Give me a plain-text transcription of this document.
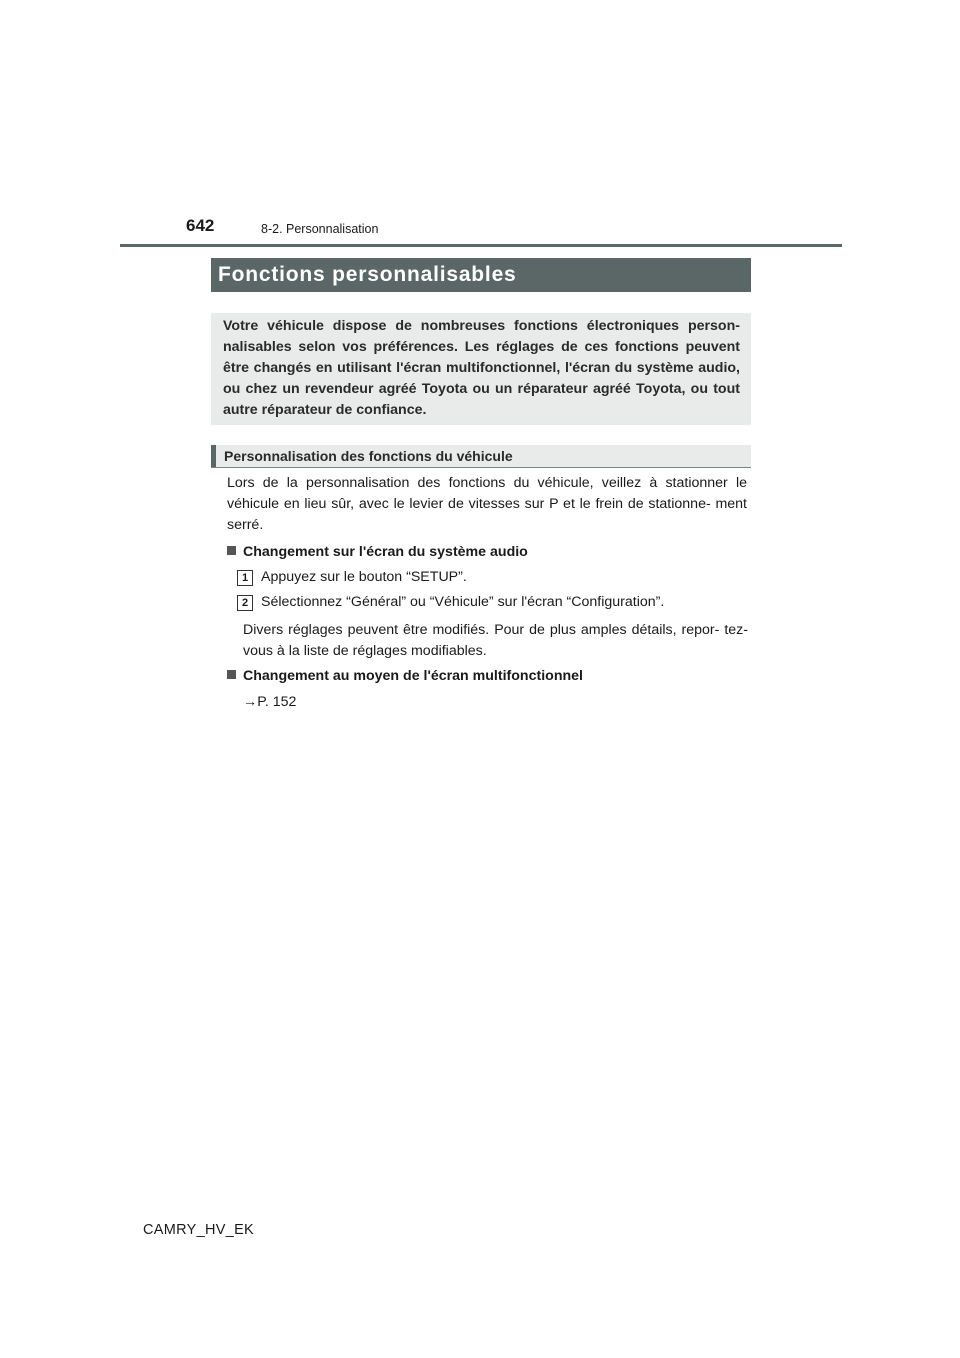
642	8-2. Personnalisation
Fonctions personnalisables

Votre véhicule dispose de nombreuses fonctions électroniques person- nalisables selon vos préférences. Les réglages de ces fonctions peuvent être changés en utilisant l'écran multifonctionnel, l'écran du système audio, ou chez un revendeur agréé Toyota ou un réparateur agréé Toyota, ou tout autre réparateur de confiance.

Personnalisation des fonctions du véhicule

Lors de la personnalisation des fonctions du véhicule, veillez à stationner le véhicule en lieu sûr, avec le levier de vitesses sur P et le frein de stationne- ment serré.

Changement sur l'écran du système audio
1 Appuyez sur le bouton “SETUP”.
2 Sélectionnez “Général” ou “Véhicule” sur l'écran “Configuration”.

Divers réglages peuvent être modifiés. Pour de plus amples détails, repor- tez-vous à la liste de réglages modifiables.

Changement au moyen de l'écran multifonctionnel
→P. 152
CAMRY_HV_EK
